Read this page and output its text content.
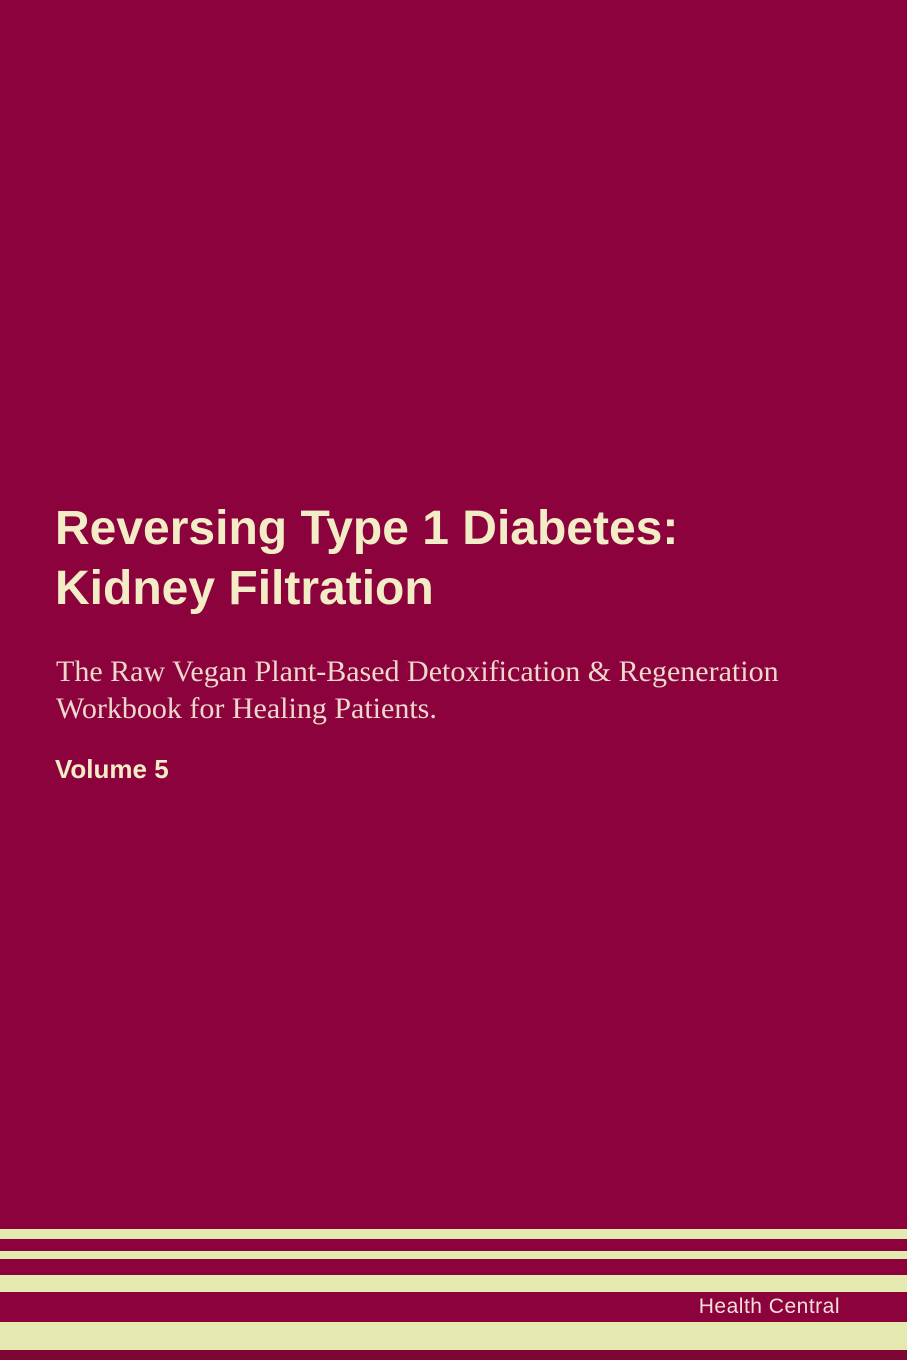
Reversing Type 1 Diabetes: Kidney Filtration

The Raw Vegan Plant-Based Detoxification & Regeneration Workbook for Healing Patients.

Volume 5

Health Central
